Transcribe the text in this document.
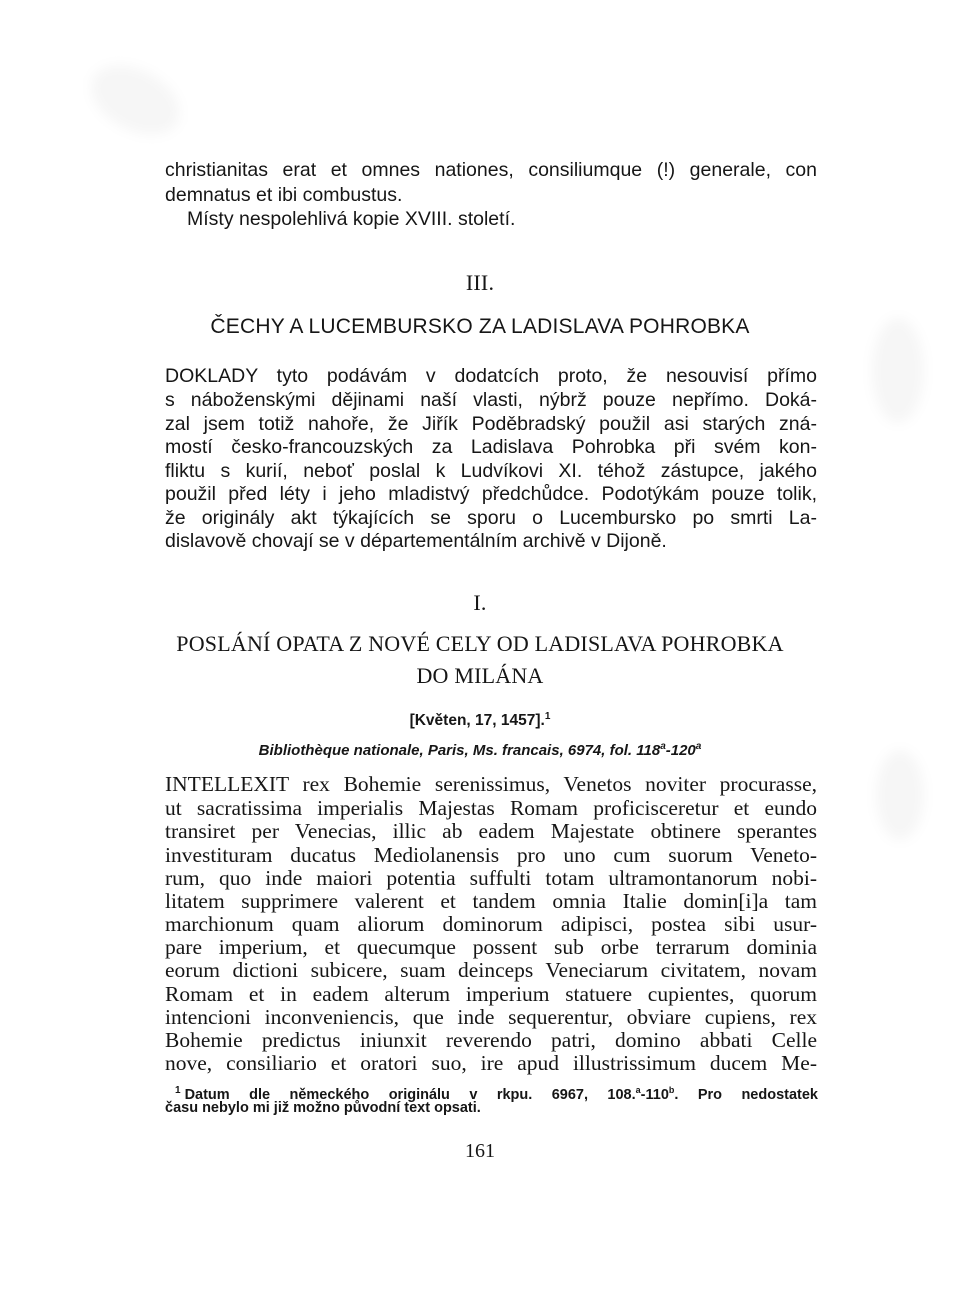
christianitas erat et omnes nationes, consiliumque (!) generale, con
demnatus et ibi combustus.
Místy nespolehlivá kopie XVIII. století.
III.
ČECHY A LUCEMBURSKO ZA LADISLAVA POHROBKA
DOKLADY tyto podávám v dodatcích proto, že nesouvisí přímo
s náboženskými dějinami naší vlasti, nýbrž pouze nepřímo. Doká-
zal jsem totiž nahoře, že Jiřík Poděbradský použil asi starých zná-
mostí česko-francouzských za Ladislava Pohrobka při svém kon-
fliktu s kurií, neboť poslal k Ludvíkovi XI. téhož zástupce, jakého
použil před léty i jeho mladistvý předchůdce. Podotýkám pouze tolik,
že originály akt týkajících se sporu o Lucembursko po smrti La-
dislavově chovají se v départementálním archivě v Dijoně.
I.
POSLÁNÍ OPATA Z NOVÉ CELY OD LADISLAVA POHROBKA
DO MILÁNA
[Květen, 17, 1457].$^1$
Bibliothèque nationale, Paris, Ms. francais, 6974, fol. 118$^a$-120$^a$
INTELLEXIT rex Bohemie serenissimus, Venetos noviter procurasse,
ut sacratissima imperialis Majestas Romam proficisceretur et eundo
transiret per Venecias, illic ab eadem Majestate obtinere sperantes
investituram ducatus Mediolanensis pro uno cum suorum Veneto-
rum, quo inde maiori potentia suffulti totam ultramontanorum nobi-
litatem supprimere valerent et tandem omnia Italie domin[i]a tam
marchionum quam aliorum dominorum adipisci, postea sibi usur-
pare imperium, et quecumque possent sub orbe terrarum dominia
eorum dictioni subicere, suam deinceps Veneciarum civitatem, novam
Romam et in eadem alterum imperium statuere cupientes, quorum
intencioni inconveniencis, que inde sequerentur, obviare cupiens, rex
Bohemie predictus iniunxit reverendo patri, domino abbati Celle
nove, consiliario et oratori suo, ire apud illustrissimum ducem Me-
$^1$ Datum dle německého originálu v rkpu. 6967, 108.$^a$-110$^b$. Pro nedostatek
času nebylo mi již možno původní text opsati.
161
